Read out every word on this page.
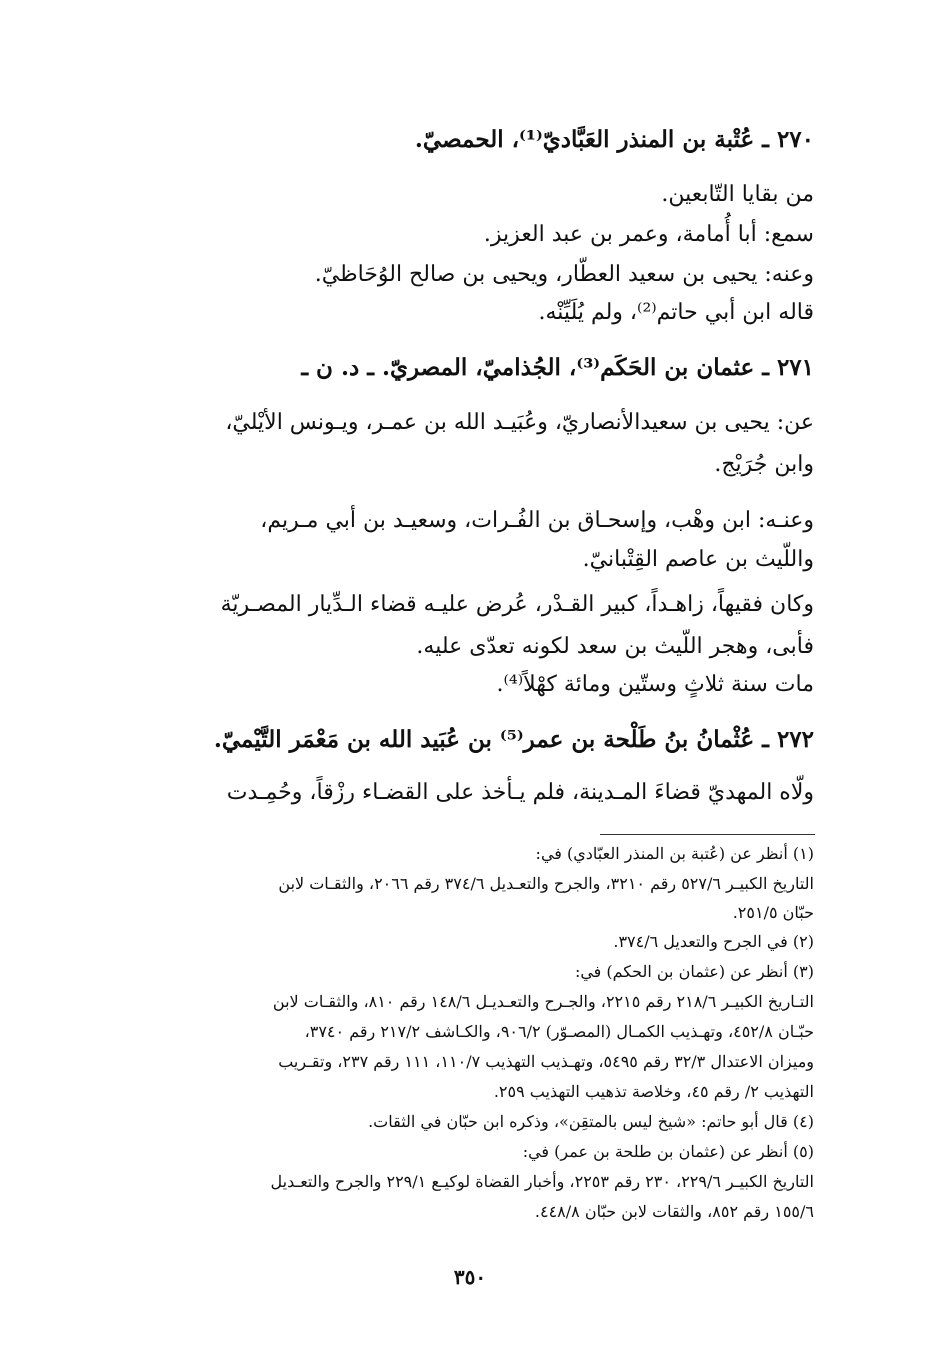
٢٧٠ ـ عُتْبة بن المنذر العَبَّاديّ⁽¹⁾، الحمصيّ.
من بقايا التّابعين.
سمع: أبا أُمامة، وعمر بن عبد العزيز.
وعنه: يحيى بن سعيد العطّار، ويحيى بن صالح الوُحَاظيّ.
قاله ابن أبي حاتم⁽²⁾، ولم يُلَيِّنْه.
٢٧١ ـ عثمان بن الحَكَم⁽³⁾، الجُذاميّ، المصريّ. ـ د. ن ـ
عن: يحيى بن سعيدالأنصاريّ، وعُبَيـد الله بن عمـر، ويـونس الأيْليّ،
وابن جُرَيْج.
وعنـه: ابن وهْب، وإسحـاق بن الفُـرات، وسعيـد بن أبي مـريم،
واللّيث بن عاصم القِتْبانيّ.
وكان فقيهاً، زاهـداً، كبير القـدْر، عُرض عليـه قضاء الـدِّيار المصـريّة
فأبى، وهجر اللّيث بن سعد لكونه تعدّى عليه.
مات سنة ثلاثٍ وستّين ومائة كهْلاً⁽⁴⁾.
٢٧٢ ـ عُثْمانُ بنُ طَلْحة بن عمر⁽⁵⁾ بن عُبَيد الله بن مَعْمَر التَّيْميّ.
ولّاه المهديّ قضاءَ المـدينة، فلم يـأخذ على القضـاء رزْقاً، وحُمِـدت
(١) أنظر عن (عُتبة بن المنذر العبّادي) في:
التاريخ الكبيـر ٥٢٧/٦ رقم ٣٢١٠، والجرح والتعـديل ٣٧٤/٦ رقم ٢٠٦٦، والثقـات لابن
حبّان ٢٥١/٥.
(٢) في الجرح والتعديل ٣٧٤/٦.
(٣) أنظر عن (عثمان بن الحكم) في:
التـاريخ الكبيـر ٢١٨/٦ رقم ٢٢١٥، والجـرح والتعـديـل ١٤٨/٦ رقم ٨١٠، والثقـات لابن
حبّـان ٤٥٢/٨، وتهـذيب الكمـال (المصـوّر) ٩٠٦/٢، والكـاشف ٢١٧/٢ رقم ٣٧٤٠،
وميزان الاعتدال ٣٢/٣ رقم ٥٤٩٥، وتهـذيب التهذيب ١١٠/٧، ١١١ رقم ٢٣٧، وتقـريب
التهذيب ٢/ رقم ٤٥، وخلاصة تذهيب التهذيب ٢٥٩.
(٤) قال أبو حاتم: «شيخ ليس بالمتقِن»، وذكره ابن حبّان في الثقات.
(٥) أنظر عن (عثمان بن طلحة بن عمر) في:
التاريخ الكبيـر ٢٢٩/٦، ٢٣٠ رقم ٢٢٥٣، وأخبار القضاة لوكيـع ٢٢٩/١ والجرح والتعـديل
١٥٥/٦ رقم ٨٥٢، والثقات لابن حبّان ٤٤٨/٨.
٣٥٠
